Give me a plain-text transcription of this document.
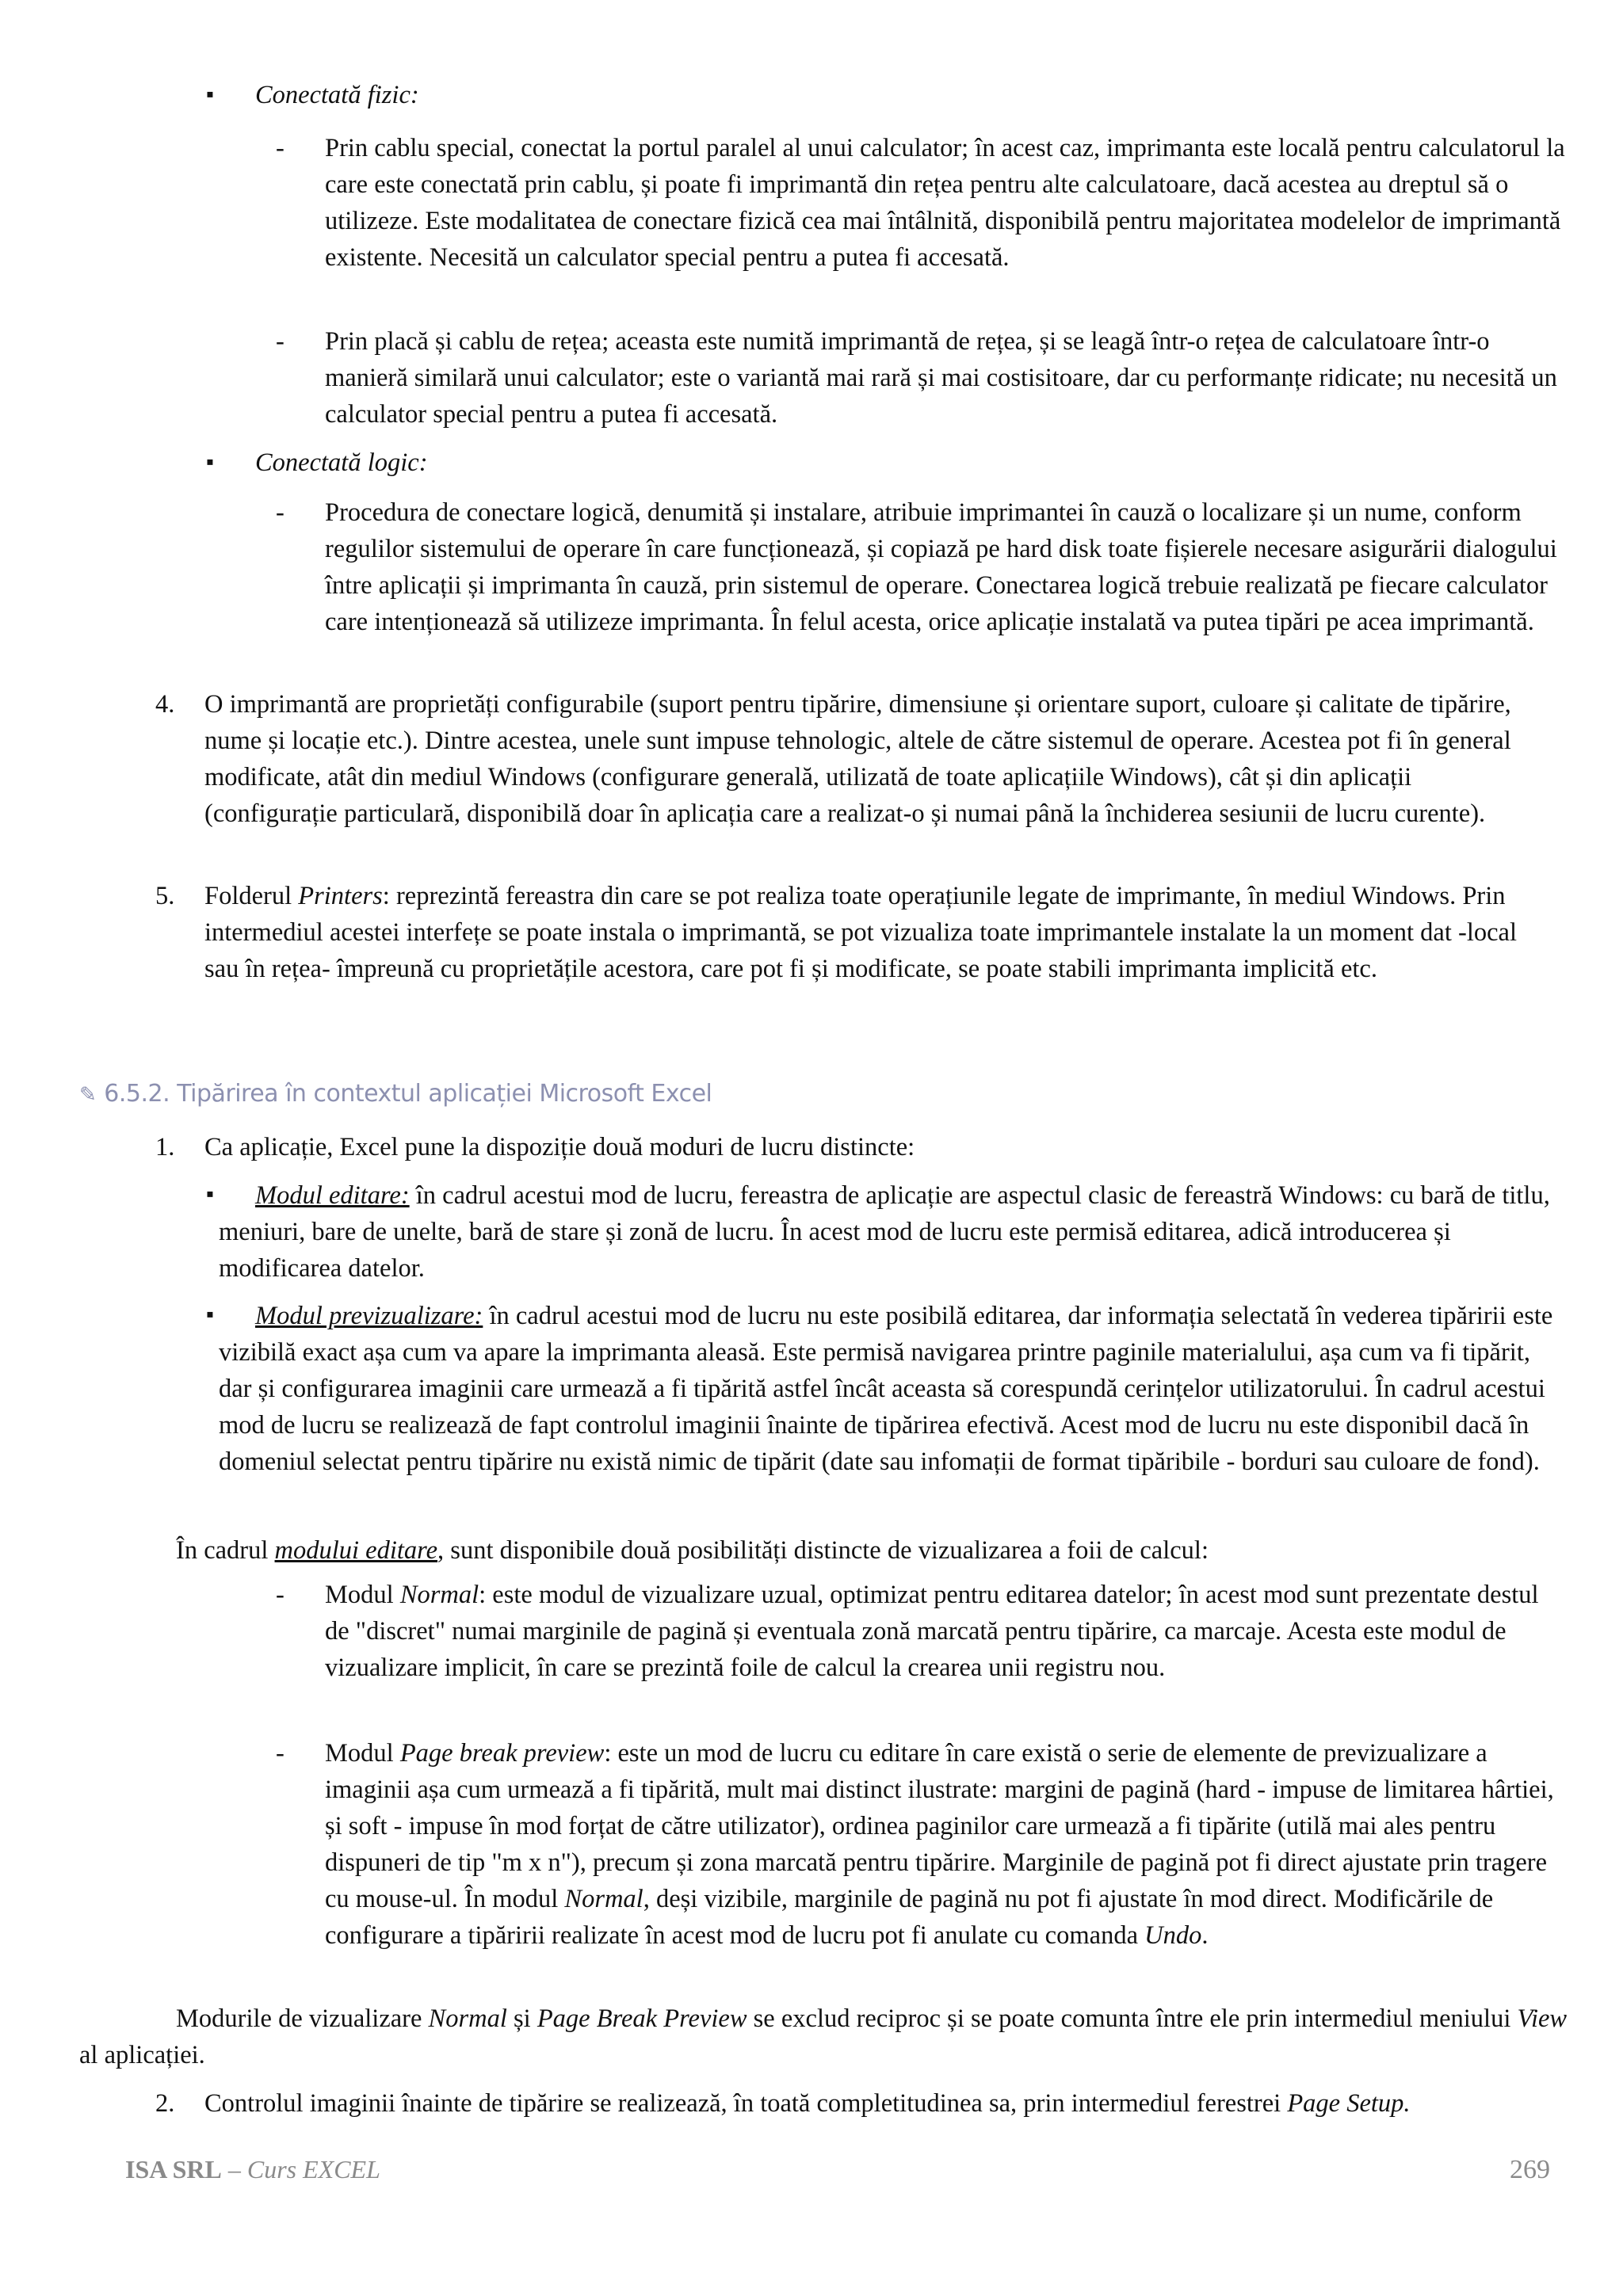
▪ Conectată fizic:

- Prin cablu special, conectat la portul paralel al unui calculator; în acest caz, imprimanta este locală pentru calculatorul la care este conectată prin cablu, și poate fi imprimantă din rețea pentru alte calculatoare, dacă acestea au dreptul să o utilizeze. Este modalitatea de conectare fizică cea mai întâlnită, disponibilă pentru majoritatea modelelor de imprimantă existente. Necesită un calculator special pentru a putea fi accesată.

- Prin placă și cablu de rețea; aceasta este numită imprimantă de rețea, și se leagă într-o rețea de calculatoare într-o manieră similară unui calculator; este o variantă mai rară și mai costisitoare, dar cu performanțe ridicate; nu necesită un calculator special pentru a putea fi accesată.

▪ Conectată logic:

- Procedura de conectare logică, denumită și instalare, atribuie imprimantei în cauză o localizare și un nume, conform regulilor sistemului de operare în care funcționează, și copiază pe hard disk toate fișierele necesare asigurării dialogului între aplicații și imprimanta în cauză, prin sistemul de operare. Conectarea logică trebuie realizată pe fiecare calculator care intenționează să utilizeze imprimanta. În felul acesta, orice aplicație instalată va putea tipări pe acea imprimantă.

4. O imprimantă are proprietăți configurabile (suport pentru tipărire, dimensiune și orientare suport, culoare și calitate de tipărire, nume și locație etc.). Dintre acestea, unele sunt impuse tehnologic, altele de către sistemul de operare. Acestea pot fi în general modificate, atât din mediul Windows (configurare generală, utilizată de toate aplicațiile Windows), cât și din aplicații (configurație particulară, disponibilă doar în aplicația care a realizat-o și numai până la închiderea sesiunii de lucru curente).

5. Folderul Printers: reprezintă fereastra din care se pot realiza toate operațiunile legate de imprimante, în mediul Windows. Prin intermediul acestei interfețe se poate instala o imprimantă, se pot vizualiza toate imprimantele instalate la un moment dat -local sau în rețea- împreună cu proprietățile acestora, care pot fi și modificate, se poate stabili imprimanta implicită etc.

✎ 6.5.2. Tipărirea în contextul aplicației Microsoft Excel
1. Ca aplicație, Excel pune la dispoziție două moduri de lucru distincte:

▪	Modul editare: în cadrul acestui mod de lucru, fereastra de aplicație are aspectul clasic de fereastră Windows: cu bară de titlu, meniuri, bare de unelte, bară de stare și zonă de lucru. În acest mod de lucru este permisă editarea, adică introducerea și modificarea datelor.

▪	Modul previzualizare: în cadrul acestui mod de lucru nu este posibilă editarea, dar informația selectată în vederea tipăririi este vizibilă exact așa cum va apare la imprimanta aleasă. Este permisă navigarea printre paginile materialului, așa cum va fi tipărit, dar și configurarea imaginii care urmează a fi tipărită astfel încât aceasta să corespundă cerințelor utilizatorului. În cadrul acestui mod de lucru se realizează de fapt controlul imaginii înainte de tipărirea efectivă. Acest mod de lucru nu este disponibil dacă în domeniul selectat pentru tipărire nu există nimic de tipărit (date sau infomații de format tipăribile - borduri sau culoare de fond).

În cadrul modului editare, sunt disponibile două posibilități distincte de vizualizarea a foii de calcul:

- Modul Normal: este modul de vizualizare uzual, optimizat pentru editarea datelor; în acest mod sunt prezentate destul de "discret" numai marginile de pagină și eventuala zonă marcată pentru tipărire, ca marcaje. Acesta este modul de vizualizare implicit, în care se prezintă foile de calcul la crearea unii registru nou.

- Modul Page break preview: este un mod de lucru cu editare în care există o serie de elemente de previzualizare a imaginii așa cum urmează a fi tipărită, mult mai distinct ilustrate: margini de pagină (hard - impuse de limitarea hârtiei, și soft - impuse în mod forțat de către utilizator), ordinea paginilor care urmează a fi tipărite (utilă mai ales pentru dispuneri de tip "m x n"), precum și zona marcată pentru tipărire. Marginile de pagină pot fi direct ajustate prin tragere cu mouse-ul. În modul Normal, deși vizibile, marginile de pagină nu pot fi ajustate în mod direct. Modificările de configurare a tipăririi realizate în acest mod de lucru pot fi anulate cu comanda Undo.

Modurile de vizualizare Normal și Page Break Preview se exclud reciproc și se poate comunta între ele prin intermediul meniului View al aplicației.

2. Controlul imaginii înainte de tipărire se realizează, în toată completitudinea sa, prin intermediul ferestrei Page Setup.

ISA SRL – Curs EXCEL	269
